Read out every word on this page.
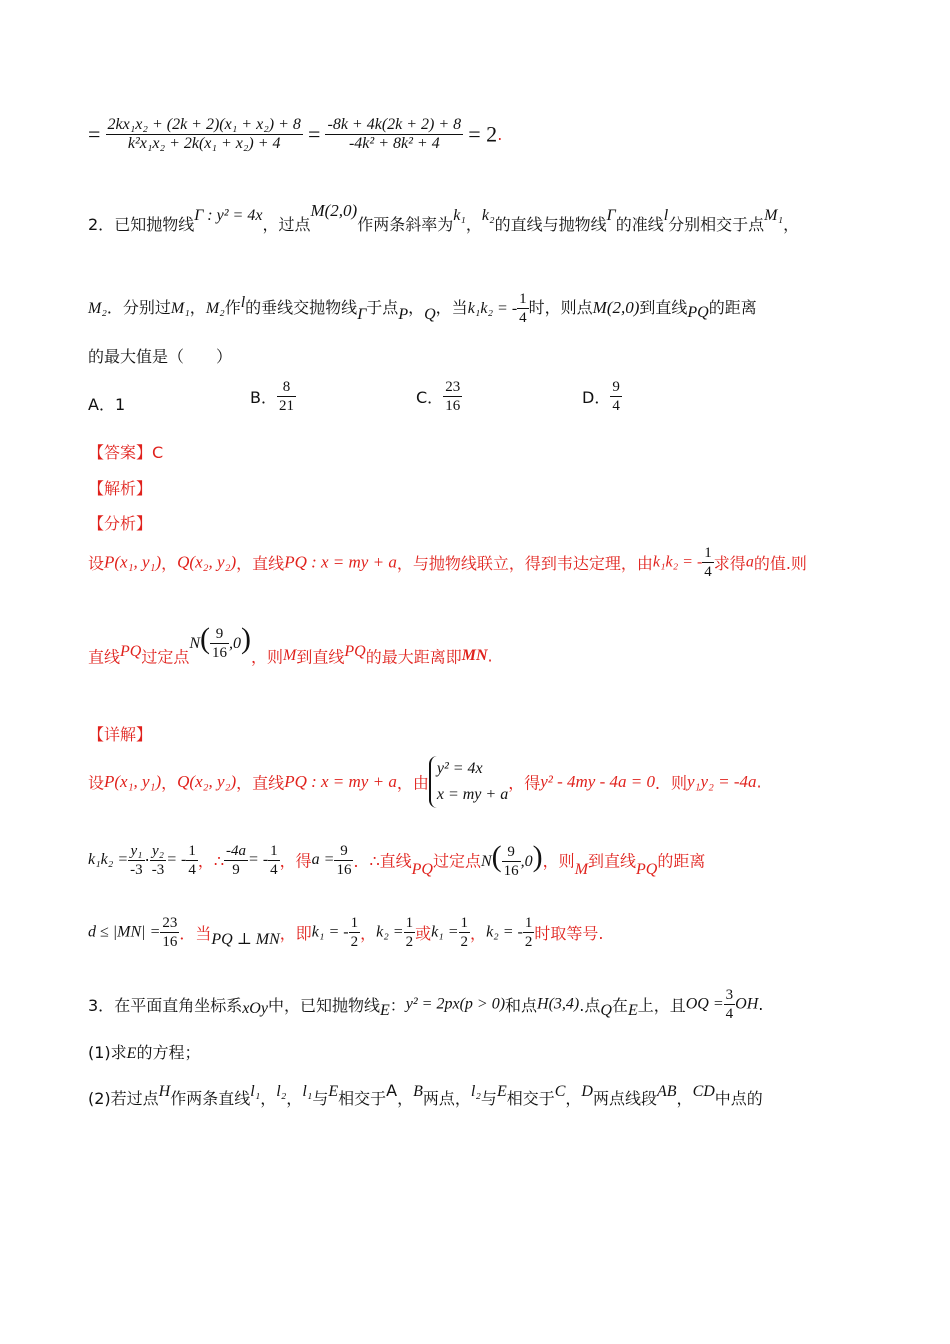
= $\frac{\text{2kx₁x₂ + (2k + 2)(x₁ + x₂) + 8}}{\text{k²x₁x₂ + 2k(x₁ + x₂) + 4}} = \frac{-8k + 4k(2k + 2) + 8}{\text{-4k² + 8k² + 4}} = 2$.
2．已知抛物线Γ : y² = 4x，过点M(2,0)作两条斜率为k₁，k₂的直线与抛物线Γ的准线l分别相交于点M₁，
M₂．分别过M₁，M₂作l的垂线交抛物线Γ于点P，Q，当k₁k₂ = - $\frac{1}{4}$ 时，则点M(2,0)到直线PQ的距离
的最大值是（　　）
A．1	B． $\frac{8}{21}$	C． $\frac{23}{16}$	D． $\frac{9}{4}$
【答案】C
【解析】
【分析】
设P(x₁, y₁)，Q(x₂, y₂)，直线PQ : x = my + a，与抛物线联立，得到韦达定理，由k₁k₂ = - $\frac{1}{4}$ 求得a的值.则
直线PQ过定点$N( \frac{9}{16} ,0)$，则M到直线PQ的最大距离即MN.
【详解】
设P(x₁, y₁)，Q(x₂, y₂)，直线PQ : x = my + a，由
y² = 4x
x = my + a
，得y² - 4my - 4a = 0．则y₁y₂ = -4a.
$k_1k_2 = \frac{\text{y₁}}{-3} \cdot \frac{\text{y₂}}{-3}$ = - $\frac{1}{4}$ ，∴ $\frac{-4a}{9}$ = - $\frac{1}{4}$ ，得$a = \frac{9}{16}$ ．∴直线PQ过定点$N( \frac{9}{16} ,0)$，则M到直线PQ的距离
$d \le |MN| = \frac{23}{16}$ ．当PQ ⊥ MN，即k₁ = - $\frac{1}{2}$ ，$k_2 = \frac{1}{2}$ 或$k_1 = \frac{1}{2}$ ，k₂ = - $\frac{1}{2}$ 时取等号.
3．在平面直角坐标系xOy中，已知抛物线E：y² = 2px(p > 0)和点H(3,4).点Q在E上，且OQ = $\frac{3}{4}$ OH.
(1)求E的方程；
(2)若过点H作两条直线l₁，l₂，l₁与E相交于A，B两点，l₂与E相交于C，D两点线段AB，CD中点的
